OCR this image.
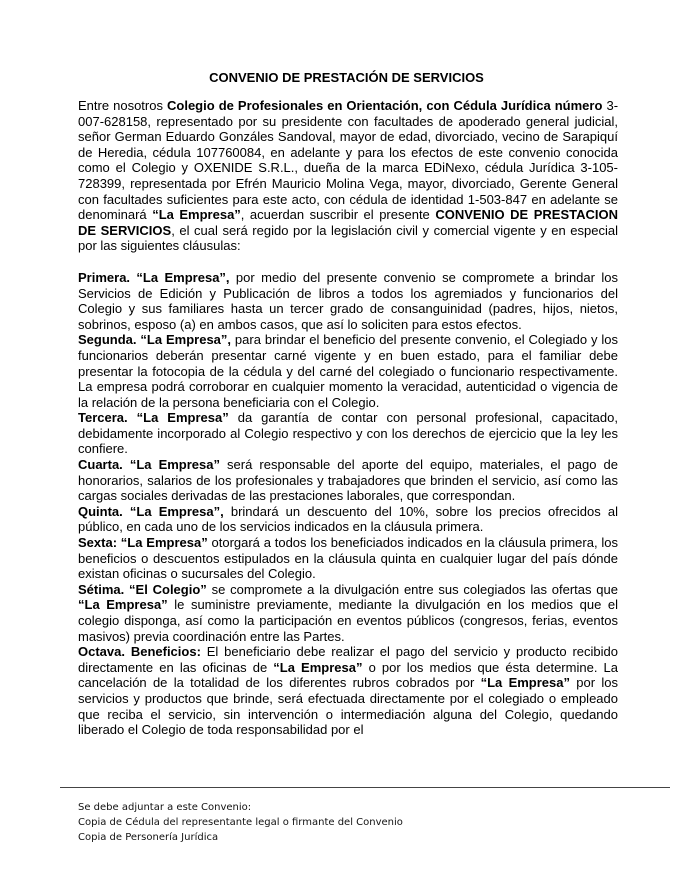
CONVENIO DE PRESTACIÓN DE SERVICIOS

Entre nosotros Colegio de Profesionales en Orientación, con Cédula Jurídica número 3-007-628158, representado por su presidente con facultades de apoderado general judicial, señor German Eduardo Gonzáles Sandoval, mayor de edad, divorciado, vecino de Sarapiquí de Heredia, cédula 107760084, en adelante y para los efectos de este convenio conocida como el Colegio y OXENIDE S.R.L., dueña de la marca EDiNexo, cédula Jurídica 3-105-728399, representada por Efrén Mauricio Molina Vega, mayor, divorciado, Gerente General con facultades suficientes para este acto, con cédula de identidad 1-503-847 en adelante se denominará “La Empresa”, acuerdan suscribir el presente CONVENIO DE PRESTACION DE SERVICIOS, el cual será regido por la legislación civil y comercial vigente y en especial por las siguientes cláusulas:

Primera. “La Empresa”, por medio del presente convenio se compromete a brindar los Servicios de Edición y Publicación de libros a todos los agremiados y funcionarios del Colegio y sus familiares hasta un tercer grado de consanguinidad (padres, hijos, nietos, sobrinos, esposo (a) en ambos casos, que así lo soliciten para estos efectos.

Segunda. “La Empresa”, para brindar el beneficio del presente convenio, el Colegiado y los funcionarios deberán presentar carné vigente y en buen estado, para el familiar debe presentar la fotocopia de la cédula y del carné del colegiado o funcionario respectivamente. La empresa podrá corroborar en cualquier momento la veracidad, autenticidad o vigencia de la relación de la persona beneficiaria con el Colegio.

Tercera. “La Empresa” da garantía de contar con personal profesional, capacitado, debidamente incorporado al Colegio respectivo y con los derechos de ejercicio que la ley les confiere.

Cuarta. “La Empresa” será responsable del aporte del equipo, materiales, el pago de honorarios, salarios de los profesionales y trabajadores que brinden el servicio, así como las cargas sociales derivadas de las prestaciones laborales, que correspondan.

Quinta. “La Empresa”, brindará un descuento del 10%, sobre los precios ofrecidos al público, en cada uno de los servicios indicados en la cláusula primera.

Sexta: “La Empresa” otorgará a todos los beneficiados indicados en la cláusula primera, los beneficios o descuentos estipulados en la cláusula quinta en cualquier lugar del país dónde existan oficinas o sucursales del Colegio.

Sétima. “El Colegio” se compromete a la divulgación entre sus colegiados las ofertas que “La Empresa” le suministre previamente, mediante la divulgación en los medios que el colegio disponga, así como la participación en eventos públicos (congresos, ferias, eventos masivos) previa coordinación entre las Partes.

Octava. Beneficios: El beneficiario debe realizar el pago del servicio y producto recibido directamente en las oficinas de “La Empresa” o por los medios que ésta determine. La cancelación de la totalidad de los diferentes rubros cobrados por “La Empresa” por los servicios y productos que brinde, será efectuada directamente por el colegiado o empleado que reciba el servicio, sin intervención o intermediación alguna del Colegio, quedando liberado el Colegio de toda responsabilidad por el

Se debe adjuntar a este Convenio:
Copia de Cédula del representante legal o firmante del Convenio
Copia de Personería Jurídica
